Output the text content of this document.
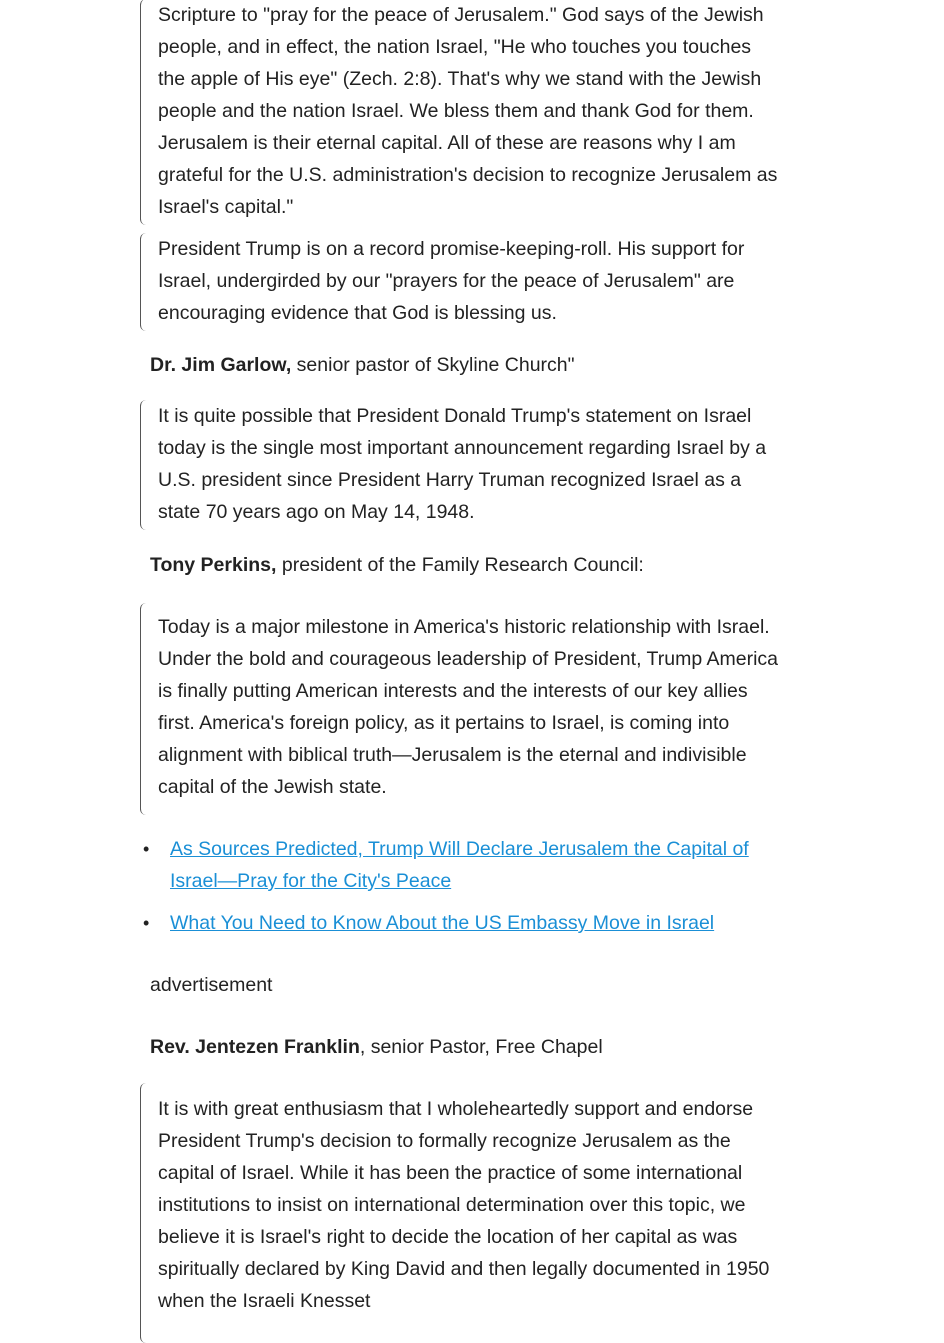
Scripture to "pray for the peace of Jerusalem." God says of the Jewish people, and in effect, the nation Israel, "He who touches you touches the apple of His eye" (Zech. 2:8). That's why we stand with the Jewish people and the nation Israel. We bless them and thank God for them. Jerusalem is their eternal capital. All of these are reasons why I am grateful for the U.S. administration's decision to recognize Jerusalem as Israel's capital."

President Trump is on a record promise-keeping-roll. His support for Israel, undergirded by our "prayers for the peace of Jerusalem" are encouraging evidence that God is blessing us.

Dr. Jim Garlow, senior pastor of Skyline Church"

It is quite possible that President Donald Trump's statement on Israel today is the single most important announcement regarding Israel by a U.S. president since President Harry Truman recognized Israel as a state 70 years ago on May 14, 1948.

Tony Perkins, president of the Family Research Council:

Today is a major milestone in America's historic relationship with Israel. Under the bold and courageous leadership of President, Trump America is finally putting American interests and the interests of our key allies first. America's foreign policy, as it pertains to Israel, is coming into alignment with biblical truth—Jerusalem is the eternal and indivisible capital of the Jewish state.

• As Sources Predicted, Trump Will Declare Jerusalem the Capital of Israel—Pray for the City's Peace
• What You Need to Know About the US Embassy Move in Israel

advertisement

Rev. Jentezen Franklin, senior Pastor, Free Chapel

It is with great enthusiasm that I wholeheartedly support and endorse President Trump's decision to formally recognize Jerusalem as the capital of Israel. While it has been the practice of some international institutions to insist on international determination over this topic, we believe it is Israel's right to decide the location of her capital as was spiritually declared by King David and then legally documented in 1950 when the Israeli Knesset
